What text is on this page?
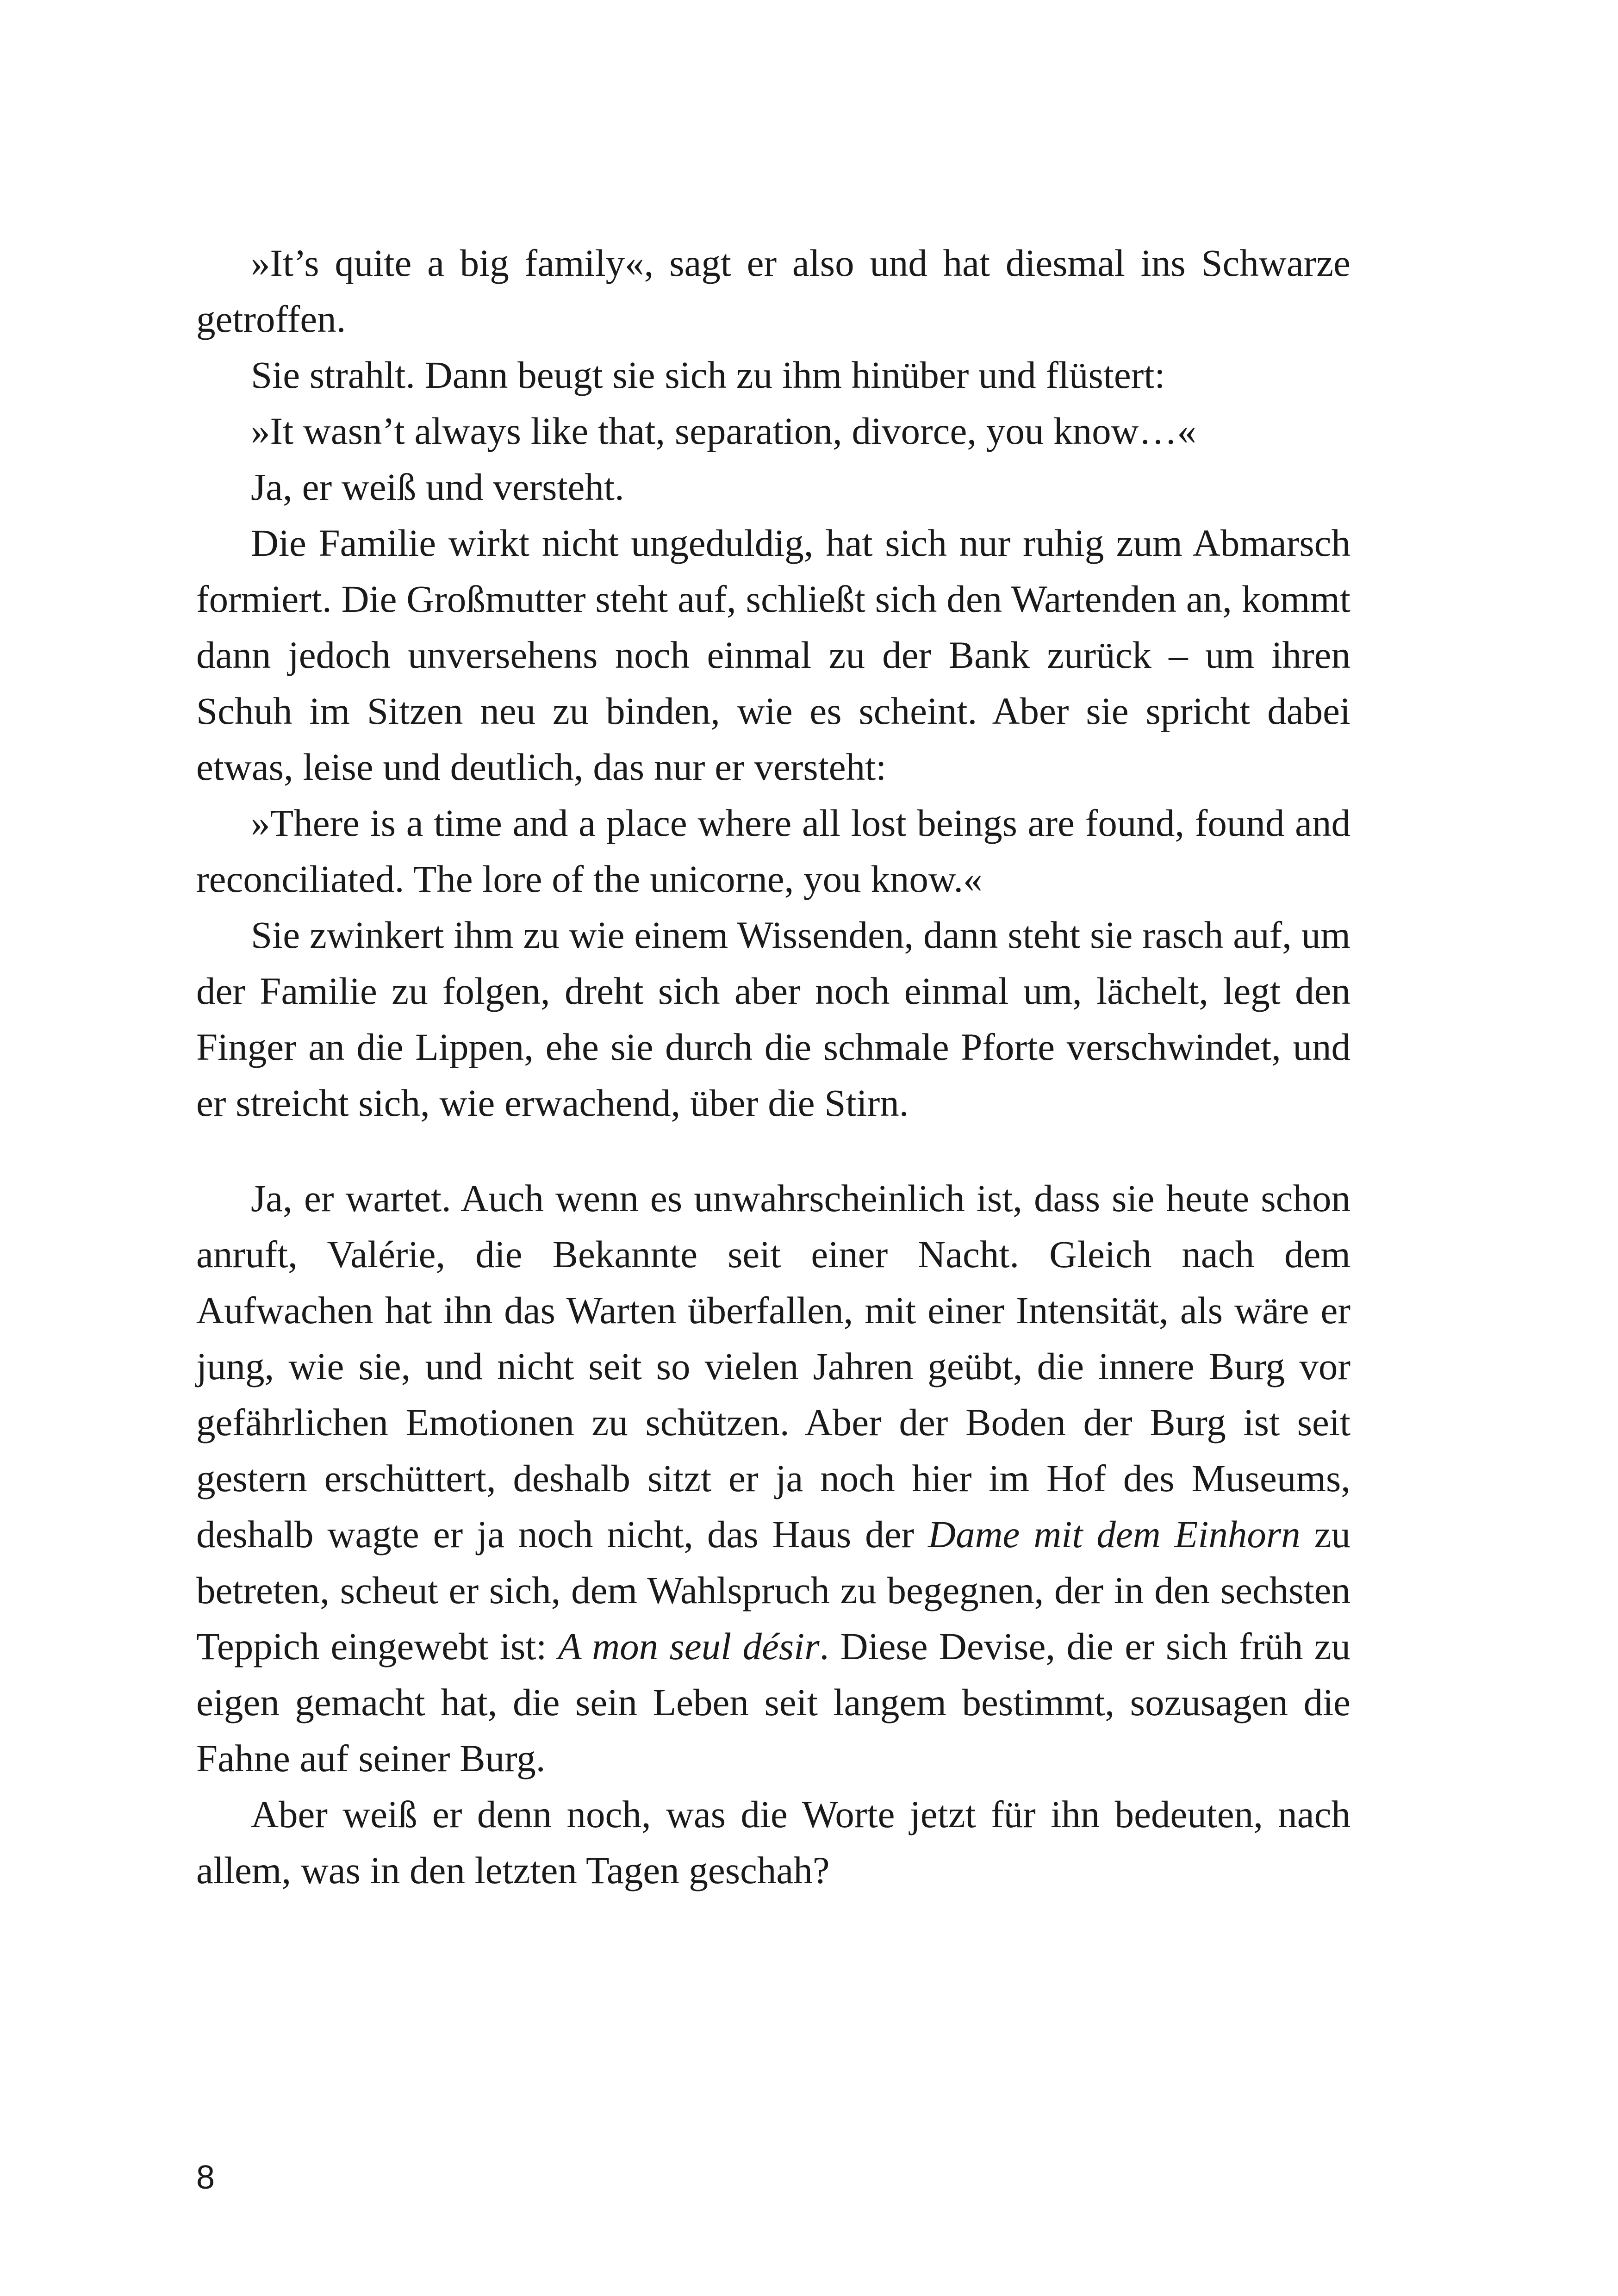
»It’s quite a big family«, sagt er also und hat diesmal ins Schwarze getroffen.

Sie strahlt. Dann beugt sie sich zu ihm hinüber und flüstert:

»It wasn’t always like that, separation, divorce, you know…«

Ja, er weiß und versteht.

Die Familie wirkt nicht ungeduldig, hat sich nur ruhig zum Abmarsch formiert. Die Großmutter steht auf, schließt sich den Wartenden an, kommt dann jedoch unversehens noch einmal zu der Bank zurück – um ihren Schuh im Sitzen neu zu binden, wie es scheint. Aber sie spricht dabei etwas, leise und deutlich, das nur er versteht:

»There is a time and a place where all lost beings are found, found and reconciliated. The lore of the unicorne, you know.«

Sie zwinkert ihm zu wie einem Wissenden, dann steht sie rasch auf, um der Familie zu folgen, dreht sich aber noch einmal um, lächelt, legt den Finger an die Lippen, ehe sie durch die schmale Pforte verschwindet, und er streicht sich, wie erwachend, über die Stirn.

Ja, er wartet. Auch wenn es unwahrscheinlich ist, dass sie heute schon anruft, Valérie, die Bekannte seit einer Nacht. Gleich nach dem Aufwachen hat ihn das Warten überfallen, mit einer Intensität, als wäre er jung, wie sie, und nicht seit so vielen Jahren geübt, die innere Burg vor gefährlichen Emotionen zu schützen. Aber der Boden der Burg ist seit gestern erschüttert, deshalb sitzt er ja noch hier im Hof des Museums, deshalb wagte er ja noch nicht, das Haus der Dame mit dem Einhorn zu betreten, scheut er sich, dem Wahlspruch zu begegnen, der in den sechsten Teppich eingewebt ist: A mon seul désir. Diese Devise, die er sich früh zu eigen gemacht hat, die sein Leben seit langem bestimmt, sozusagen die Fahne auf seiner Burg.

Aber weiß er denn noch, was die Worte jetzt für ihn bedeuten, nach allem, was in den letzten Tagen geschah?

8
